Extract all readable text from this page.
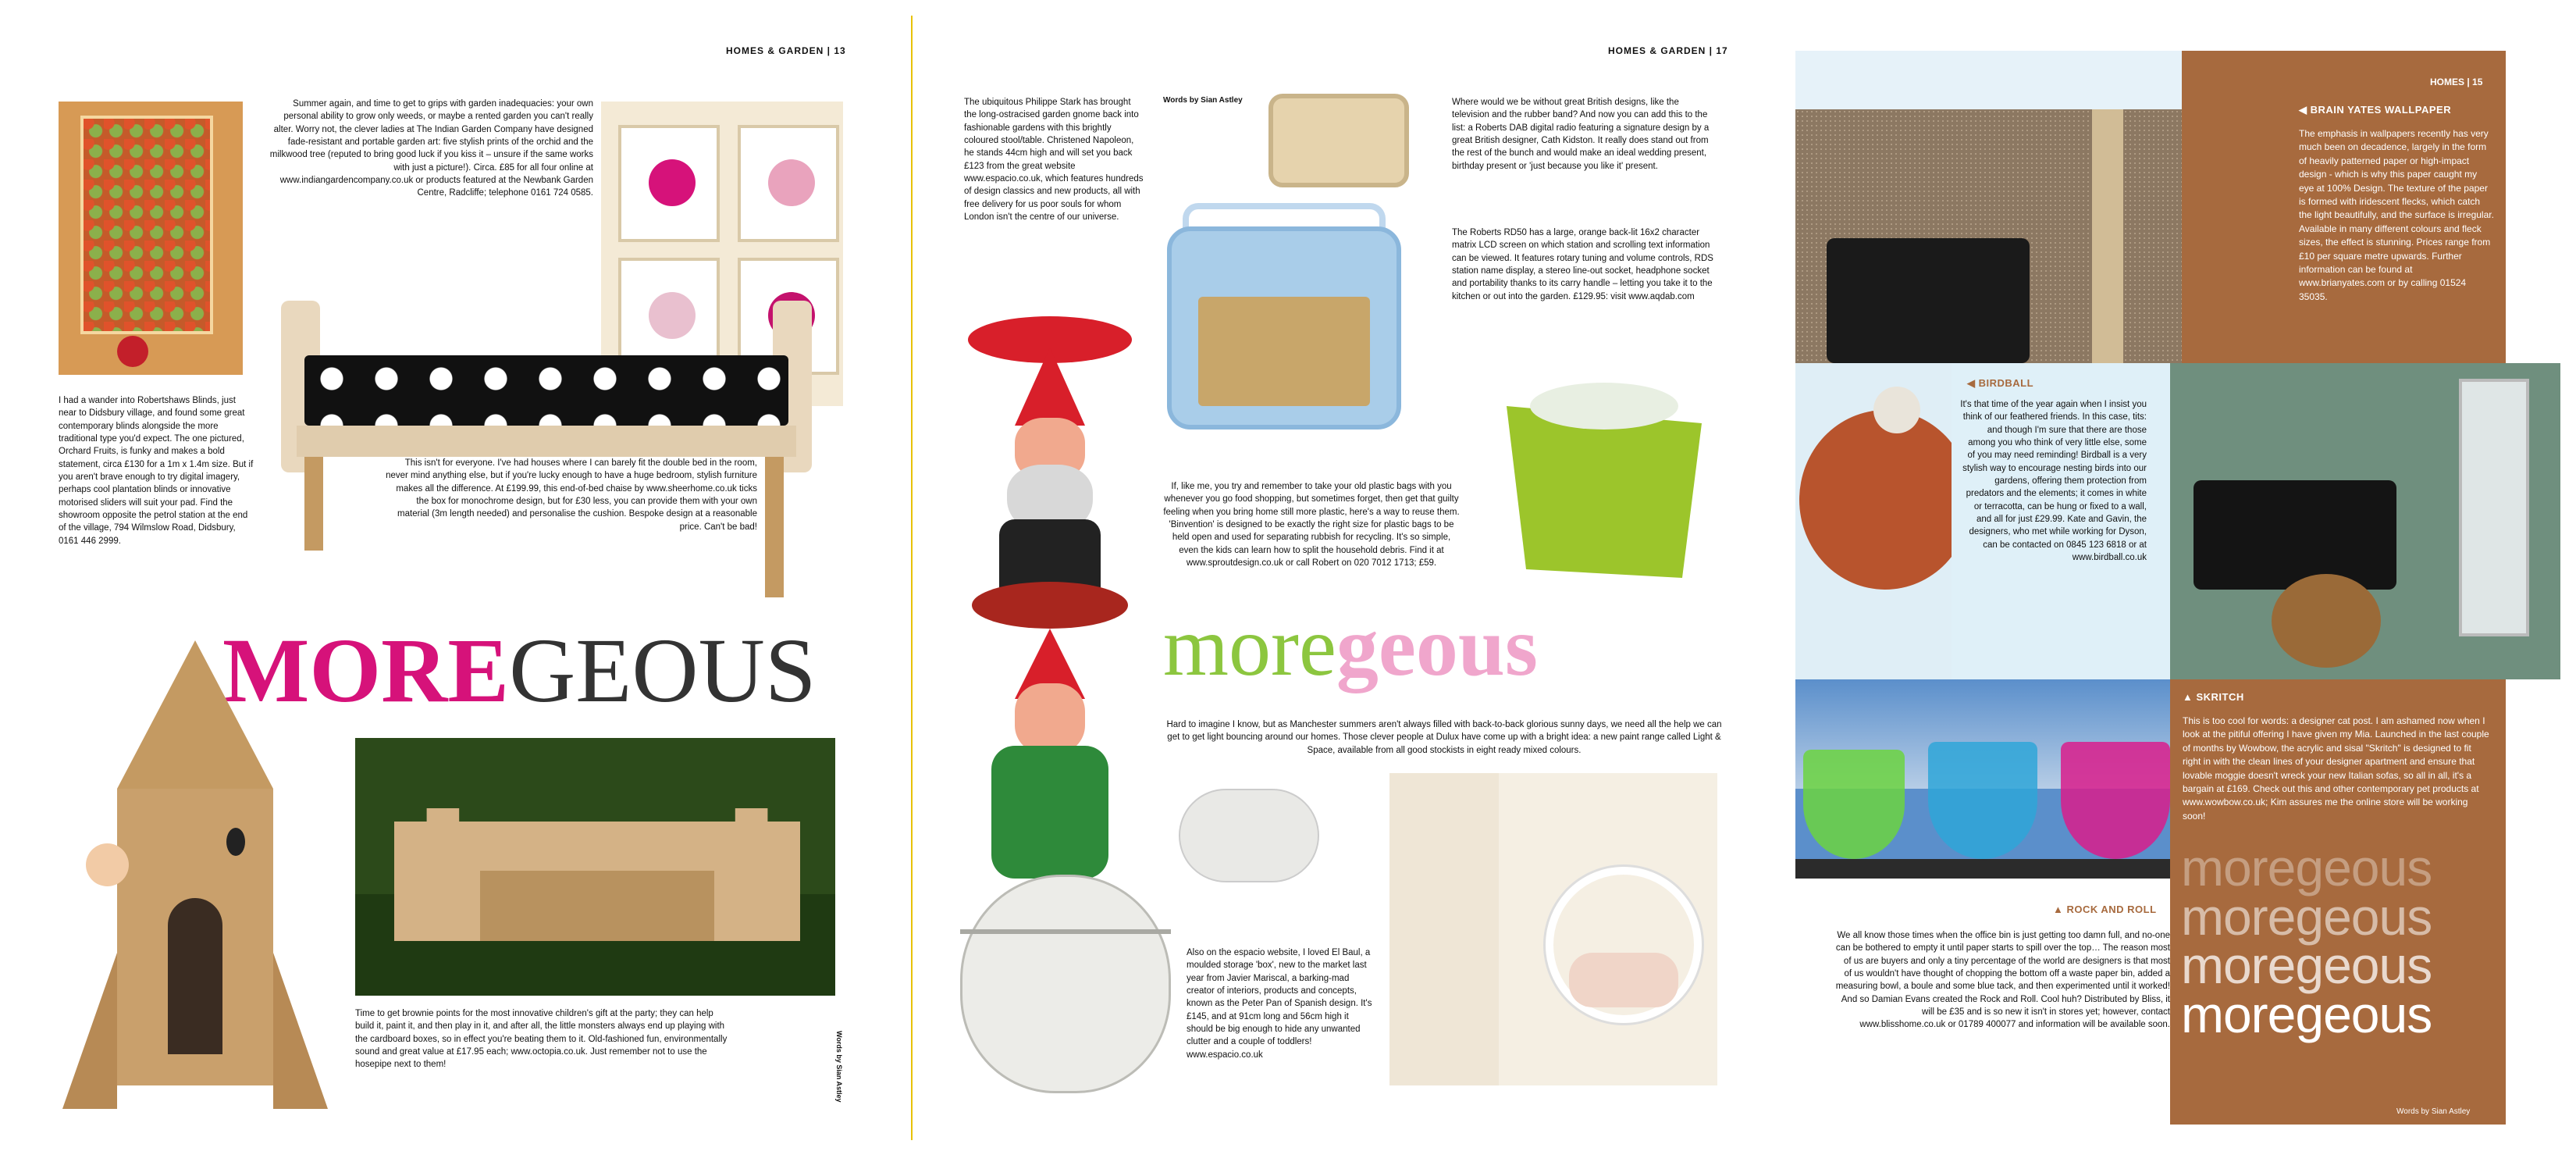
HOMES & GARDEN | 13
Summer again, and time to get to grips with garden inadequacies: your own personal ability to grow only weeds, or maybe a rented garden you can't really alter. Worry not, the clever ladies at The Indian Garden Company have designed fade-resistant and portable garden art: five stylish prints of the orchid and the milkwood tree (reputed to bring good luck if you kiss it – unsure if the same works with just a picture!). Circa. £85 for all four online at www.indiangardencompany.co.uk or products featured at the Newbank Garden Centre, Radcliffe; telephone 0161 724 0585.
I had a wander into Robertshaws Blinds, just near to Didsbury village, and found some great contemporary blinds alongside the more traditional type you'd expect. The one pictured, Orchard Fruits, is funky and makes a bold statement, circa £130 for a 1m x 1.4m size. But if you aren't brave enough to try digital imagery, perhaps cool plantation blinds or innovative motorised sliders will suit your pad. Find the showroom opposite the petrol station at the end of the village, 794 Wilmslow Road, Didsbury, 0161 446 2999.
This isn't for everyone. I've had houses where I can barely fit the double bed in the room, never mind anything else, but if you're lucky enough to have a huge bedroom, stylish furniture makes all the difference. At £199.99, this end-of-bed chaise by www.sheerhome.co.uk ticks the box for monochrome design, but for £30 less, you can provide them with your own material (3m length needed) and personalise the cushion. Bespoke design at a reasonable price. Can't be bad!
MOREGEOUS
Time to get brownie points for the most innovative children's gift at the party; they can help build it, paint it, and then play in it, and after all, the little monsters always end up playing with the cardboard boxes, so in effect you're beating them to it. Old-fashioned fun, environmentally sound and great value at £17.95 each; www.octopia.co.uk. Just remember not to use the hosepipe next to them!	Words by Sian Astley
HOMES & GARDEN | 17
Words by Sian Astley
The ubiquitous Philippe Stark has brought the long-ostracised garden gnome back into fashionable gardens with this brightly coloured stool/table. Christened Napoleon, he stands 44cm high and will set you back £123 from the great website www.espacio.co.uk, which features hundreds of design classics and new products, all with free delivery for us poor souls for whom London isn't the centre of our universe.
Where would we be without great British designs, like the television and the rubber band? And now you can add this to the list: a Roberts DAB digital radio featuring a signature design by a great British designer, Cath Kidston. It really does stand out from the rest of the bunch and would make an ideal wedding present, birthday present or 'just because you like it' present.
The Roberts RD50 has a large, orange back-lit 16x2 character matrix LCD screen on which station and scrolling text information can be viewed. It features rotary tuning and volume controls, RDS station name display, a stereo line-out socket, headphone socket and portability thanks to its carry handle – letting you take it to the kitchen or out into the garden. £129.95: visit www.aqdab.com
If, like me, you try and remember to take your old plastic bags with you whenever you go food shopping, but sometimes forget, then get that guilty feeling when you bring home still more plastic, here's a way to reuse them. 'Binvention' is designed to be exactly the right size for plastic bags to be held open and used for separating rubbish for recycling. It's so simple, even the kids can learn how to split the household debris. Find it at www.sproutdesign.co.uk or call Robert on 020 7012 1713; £59.
moregeous
Hard to imagine I know, but as Manchester summers aren't always filled with back-to-back glorious sunny days, we need all the help we can get to get light bouncing around our homes. Those clever people at Dulux have come up with a bright idea: a new paint range called Light & Space, available from all good stockists in eight ready mixed colours.
Also on the espacio website, I loved El Baul, a moulded storage 'box', new to the market last year from Javier Mariscal, a barking-mad creator of interiors, products and concepts, known as the Peter Pan of Spanish design. It's £145, and at 91cm long and 56cm high it should be big enough to hide any unwanted clutter and a couple of toddlers! www.espacio.co.uk
HOMES | 15
◀ BRAIN YATES WALLPAPER
The emphasis in wallpapers recently has very much been on decadence, largely in the form of heavily patterned paper or high-impact design - which is why this paper caught my eye at 100% Design. The texture of the paper is formed with iridescent flecks, which catch the light beautifully, and the surface is irregular. Available in many different colours and fleck sizes, the effect is stunning. Prices range from £10 per square metre upwards. Further information can be found at www.brianyates.com or by calling 01524 35035.
◀ BIRDBALL
It's that time of the year again when I insist you think of our feathered friends. In this case, tits: and though I'm sure that there are those among you who think of very little else, some of you may need reminding! Birdball is a very stylish way to encourage nesting birds into our gardens, offering them protection from predators and the elements; it comes in white or terracotta, can be hung or fixed to a wall, and all for just £29.99. Kate and Gavin, the designers, who met while working for Dyson, can be contacted on 0845 123 6818 or at www.birdball.co.uk
▲ ROCK AND ROLL
We all know those times when the office bin is just getting too damn full, and no-one can be bothered to empty it until paper starts to spill over the top… The reason most of us are buyers and only a tiny percentage of the world are designers is that most of us wouldn't have thought of chopping the bottom off a waste paper bin, added a measuring bowl, a boule and some blue tack, and then experimented until it worked! And so Damian Evans created the Rock and Roll. Cool huh? Distributed by Bliss, it will be £35 and is so new it isn't in stores yet; however, contact www.blisshome.co.uk or 01789 400077 and information will be available soon.
▲ SKRITCH
This is too cool for words: a designer cat post. I am ashamed now when I look at the pitiful offering I have given my Mia. Launched in the last couple of months by Wowbow, the acrylic and sisal "Skritch" is designed to fit right in with the clean lines of your designer apartment and ensure that lovable moggie doesn't wreck your new Italian sofas, so all in all, it's a bargain at £169. Check out this and other contemporary pet products at www.wowbow.co.uk; Kim assures me the online store will be working soon!
moregeous
moregeous
moregeous
moregeous
Words by Sian Astley
